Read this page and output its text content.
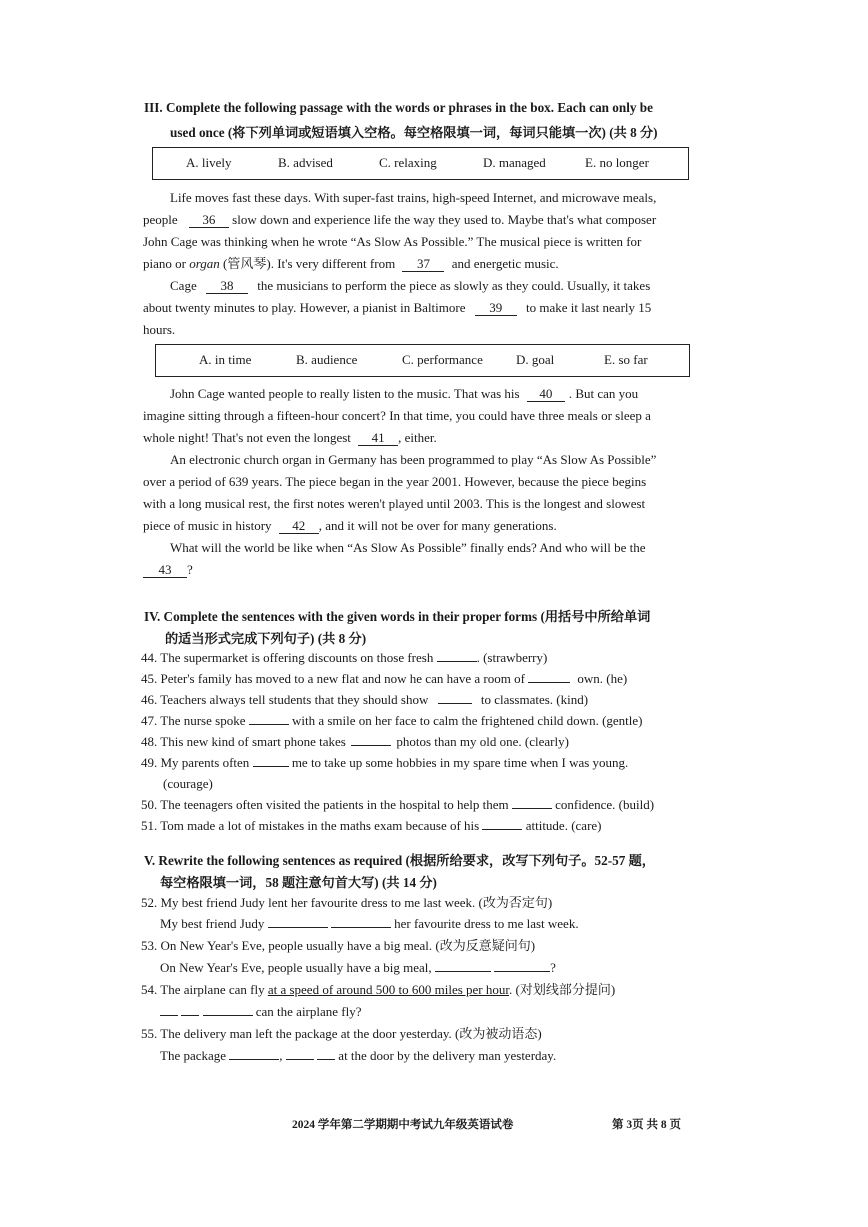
III. Complete the following passage with the words or phrases in the box. Each can only be
used once (将下列单词或短语填入空格。每空格限填一词，每词只能填一次) (共 8 分)
A. lively	B. advised	C. relaxing	D. managed	E. no longer
Life moves fast these days. With super-fast trains, high-speed Internet, and microwave meals,
people 36 slow down and experience life the way they used to. Maybe that's what composer
John Cage was thinking when he wrote “As Slow As Possible.” The musical piece is written for
piano or organ (管风琴). It's very different from 37 and energetic music.
Cage 38 the musicians to perform the piece as slowly as they could. Usually, it takes
about twenty minutes to play. However, a pianist in Baltimore 39 to make it last nearly 15
hours.
A. in time	B. audience	C. performance	D. goal	E. so far
John Cage wanted people to really listen to the music. That was his 40 . But can you
imagine sitting through a fifteen-hour concert? In that time, you could have three meals or sleep a
whole night! That's not even the longest 41 , either.
An electronic church organ in Germany has been programmed to play “As Slow As Possible”
over a period of 639 years. The piece began in the year 2001. However, because the piece begins
with a long musical rest, the first notes weren't played until 2003. This is the longest and slowest
piece of music in history 42 , and it will not be over for many generations.
What will the world be like when “As Slow As Possible” finally ends? And who will be the
43 ?
IV. Complete the sentences with the given words in their proper forms (用括号中所给单词
的适当形式完成下列句子) (共 8 分)
44. The supermarket is offering discounts on those fresh	. (strawberry)
45. Peter's family has moved to a new flat and now he can have a room of	own. (he)
46. Teachers always tell students that they should show	to classmates. (kind)
47. The nurse spoke	with a smile on her face to calm the frightened child down. (gentle)
48. This new kind of smart phone takes	photos than my old one. (clearly)
49. My parents often	me to take up some hobbies in my spare time when I was young.
(courage)
50. The teenagers often visited the patients in the hospital to help them	confidence. (build)
51. Tom made a lot of mistakes in the maths exam because of his	attitude. (care)
V. Rewrite the following sentences as required (根据所给要求，改写下列句子。52-57 题，
每空格限填一词，58 题注意句首大写) (共 14 分)
52. My best friend Judy lent her favourite dress to me last week. (改为否定句)
My best friend Judy	her favourite dress to me last week.
53. On New Year's Eve, people usually have a big meal. (改为反意疑问句)
On New Year's Eve, people usually have a big meal,	?
54. The airplane can fly at a speed of around 500 to 600 miles per hour. (对划线部分提问)
can the airplane fly?
55. The delivery man left the package at the door yesterday. (改为被动语态)
The package	,	at the door by the delivery man yesterday.
2024 学年第二学期期中考试九年级英语试卷	第 3页 共 8 页
